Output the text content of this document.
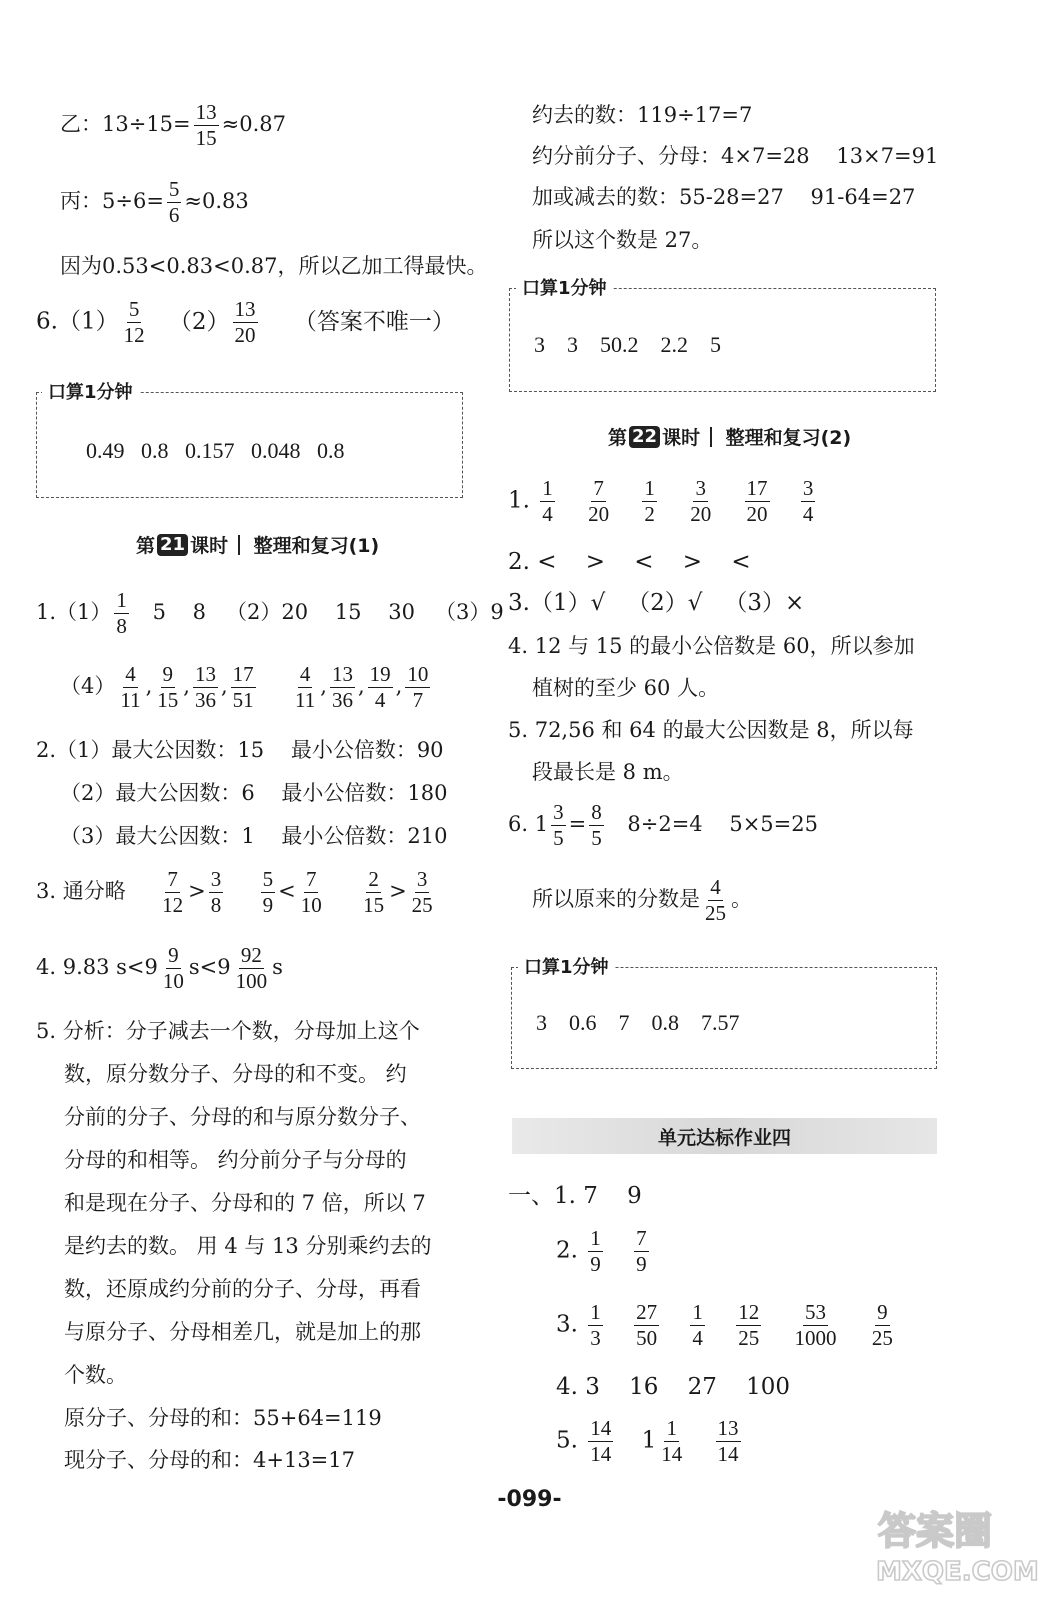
乙：$13\div 15= \frac{13}{15} \approx 0.87$
丙：$5\div 6= \frac{5}{6} \approx 0.83$
因为0.53<0.83<0.87，所以乙加工得最快。
$6.(1) \frac{5}{12} (2) \frac{13}{20}$ （答案不唯一）
口算1分钟
0.49   0.8   0.157   0.048   0.8
第 21 课时 整理和复习(1)
$1.(1) \frac{1}{8} 5$    8   （2）20    15    30   （3）9
$(4) \frac{4}{11}$ , $\frac{9}{15}$ , $\frac{13}{36}$ , $\frac{17}{51}$
$\frac{4}{11}$ , $\frac{13}{36}$ , $\frac{19}{4}$ , $\frac{10}{7}$
2.（1）最大公因数：15    最小公倍数：90
（2）最大公因数：6    最小公倍数：180
（3）最大公因数：1    最小公倍数：210
3. 通分略 $\frac{7}{12} > \frac{3}{8}$
$\frac{5}{9} < \frac{7}{10}$
$\frac{2}{15} > \frac{3}{25}$
4. 9.83 $s<9 \frac{9}{10} s<9 \frac{92}{100}$ s
5. 分析：分子减去一个数，分母加上这个
数，原分数分子、分母的和不变。 约
分前的分子、分母的和与原分数分子、
分母的和相等。 约分前分子与分母的
和是现在分子、分母和的 7 倍，所以 7
是约去的数。 用 4 与 13 分别乘约去的
数，还原成约分前的分子、分母，再看
与原分子、分母相差几，就是加上的那
个数。
原分子、分母的和：55+64=119
现分子、分母的和：4+13=17
约去的数：119÷17=7
约分前分子、分母：4×7=28    13×7=91
加或减去的数：55-28=27    91-64=27
所以这个数是 27。
口算1分钟
3    3    50.2    2.2    5
第 22 课时 整理和复习(2)
1. $\frac{1}{4}$
$\frac{7}{20}$
$\frac{1}{2}$
$\frac{3}{20}$
$\frac{17}{20}$
$\frac{3}{4}$
2. <    >    <    >    <
3.（1）√   （2）√   （3）×
4. 12 与 15 的最小公倍数是 60，所以参加
植树的至少 60 人。
5. 72,56 和 64 的最大公因数是 8，所以每
段最长是 8 m。
6. $1 \frac{3}{5} = \frac{8}{5} 8\div 2=4$    5×5=25
所以原来的分数是 $\frac{4}{25}$ 。
口算1分钟
3    0.6    7    0.8    7.57
单元达标作业四
一、1. 7    9
2. $\frac{1}{9}$
$\frac{7}{9}$
3. $\frac{1}{3}$
$\frac{27}{50}$
$\frac{1}{4}$
$\frac{12}{25}$
$\frac{53}{1000}$
$\frac{9}{25}$
4. 3    16    27    100
5. $\frac{14}{14} 1 \frac{1}{14}$
$\frac{13}{14}$
-099-
答案圈
MXQE.COM
